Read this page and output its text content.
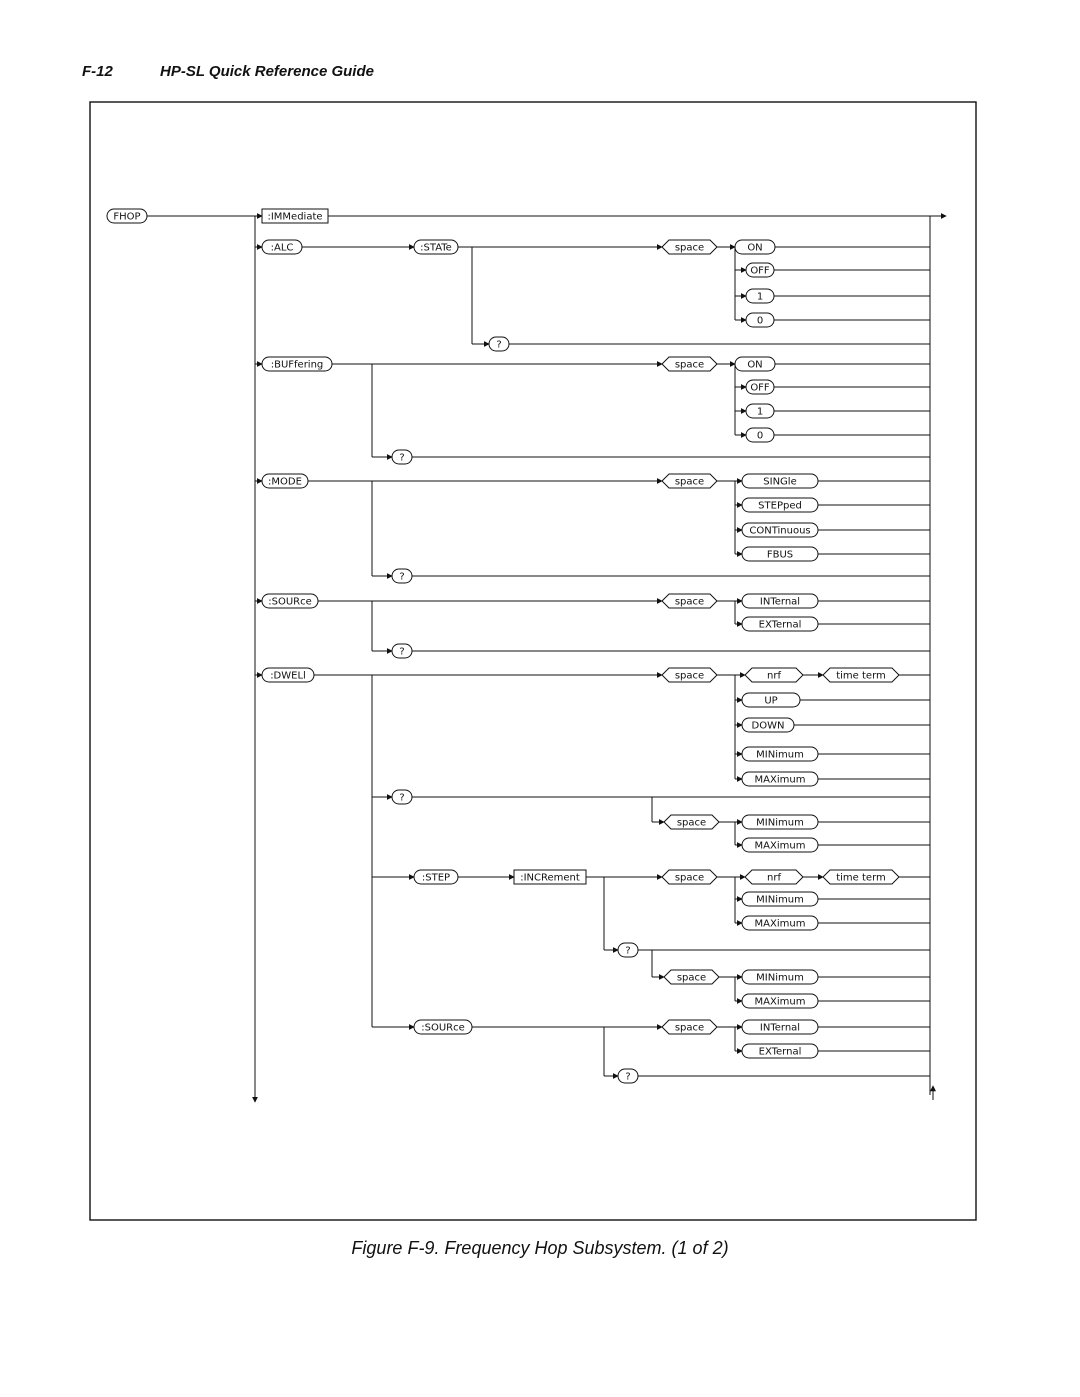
F-12	HP-SL Quick Reference Guide
FHOP	:IMMediate
:ALC	:STATe	space	ON
OFF
1
0
?
:BUFfering	space	ON
OFF
1
0
?
:MODE	space	SINGle
STEPped
CONTinuous
FBUS
?
:SOURce	space	INTernal
EXTernal
?
:DWELl	space	nrf	time term
UP
DOWN
MINimum
MAXimum
?
space	MINimum
MAXimum
:STEP	:INCRement	space	nrf	time term
MINimum
MAXimum
?
space	MINimum
MAXimum
:SOURce	space	INTernal
EXTernal
?
Figure F-9. Frequency Hop Subsystem. (1 of 2)
